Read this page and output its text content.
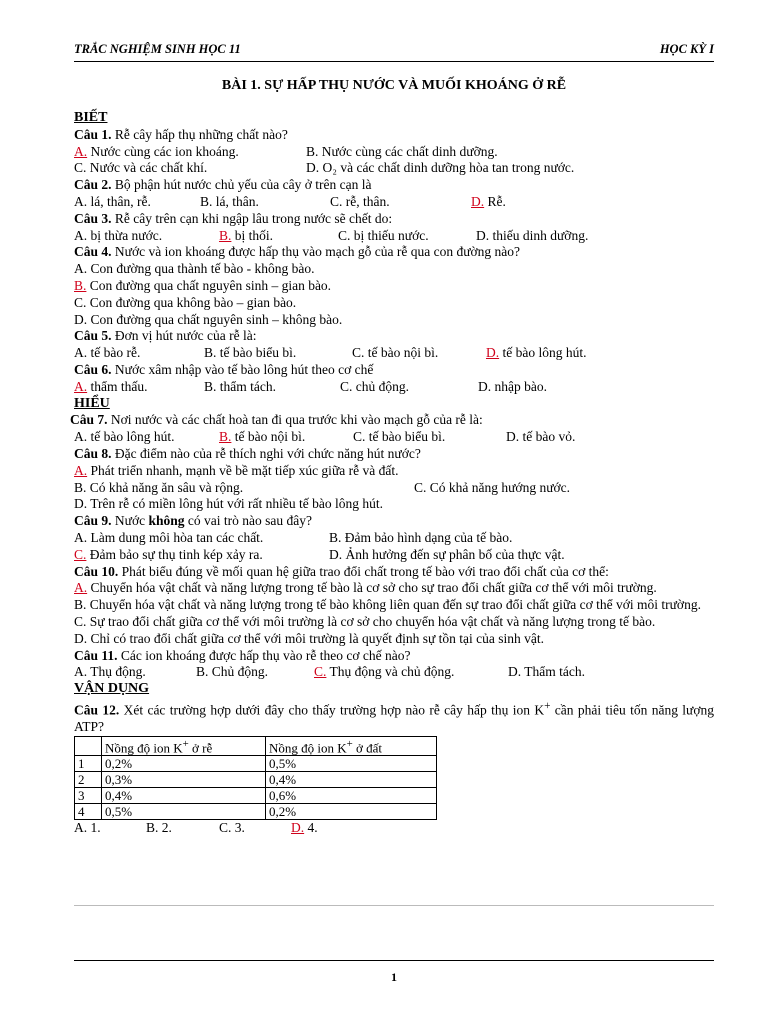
TRẮC NGHIỆM SINH HỌC 11	HỌC KỲ I
BÀI 1. SỰ HẤP THỤ NƯỚC VÀ MUỐI KHOÁNG Ở RỄ
BIẾT
Câu 1. Rễ cây hấp thụ những chất nào?
A. Nước cùng các ion khoáng.	B. Nước cùng các chất dinh dưỡng.
C. Nước và các chất khí.	D. O₂ và các chất dinh dưỡng hòa tan trong nước.
Câu 2. Bộ phận hút nước chủ yếu của cây ở trên cạn là
A. lá, thân, rễ.	B. lá, thân.	C. rễ, thân.	D. Rễ.
Câu 3. Rễ cây trên cạn khi ngập lâu trong nước sẽ chết do:
A. bị thừa nước.	B. bị thối.	C. bị thiếu nước.	D. thiếu dinh dưỡng.
Câu 4. Nước và ion khoáng được hấp thụ vào mạch gỗ của rễ qua con đường nào?
A. Con đường qua thành tế bào - không bào.
B. Con đường qua chất nguyên sinh – gian bào.
C. Con đường qua không bào – gian bào.
D. Con đường qua chất nguyên sinh – không bào.
Câu 5. Đơn vị hút nước của rễ là:
A. tế bào rễ.	B. tế bào biểu bì.	C. tế bào nội bì.	D. tế bào lông hút.
Câu 6. Nước xâm nhập vào tế bào lông hút theo cơ chế
A. thẩm thấu.	B. thẩm tách.	C. chủ động.	D. nhập bào.
HIỂU
Câu 7. Nơi nước và các chất hoà tan đi qua trước khi vào mạch gỗ của rễ là:
A. tế bào lông hút.	B. tế bào nội bì.	C. tế bào biểu bì.	D. tế bào vỏ.
Câu 8. Đặc điểm nào của rễ thích nghi với chức năng hút nước?
A. Phát triển nhanh, mạnh về bề mặt tiếp xúc giữa rễ và đất.
B. Có khả năng ăn sâu và rộng.	C. Có khả năng hướng nước.
D. Trên rễ có miền lông hút với rất nhiều tế bào lông hút.
Câu 9. Nước không có vai trò nào sau đây?
A. Làm dung môi hòa tan các chất.	B. Đảm bảo hình dạng của tế bào.
C. Đảm bảo sự thụ tinh kép xảy ra.	D. Ảnh hưởng đến sự phân bố của thực vật.
Câu 10. Phát biểu đúng về mối quan hệ giữa trao đổi chất trong tế bào với trao đổi chất của cơ thể:
A. Chuyển hóa vật chất và năng lượng trong tế bào là cơ sở cho sự trao đổi chất giữa cơ thể với môi trường.
B. Chuyển hóa vật chất và năng lượng trong tế bào không liên quan đến sự trao đổi chất giữa cơ thể với môi trường.
C. Sự trao đổi chất giữa cơ thể với môi trường là cơ sở cho chuyển hóa vật chất và năng lượng trong tế bào.
D. Chỉ có trao đổi chất giữa cơ thể với môi trường là quyết định sự tồn tại của sinh vật.
Câu 11. Các ion khoáng được hấp thụ vào rễ theo cơ chế nào?
A. Thụ động.	B. Chủ động.	C. Thụ động và chủ động.	D. Thẩm tách.
VẬN DỤNG
Câu 12. Xét các trường hợp dưới đây cho thấy trường hợp nào rễ cây hấp thụ ion K+ cần phải tiêu tốn năng lượng ATP?
	Nồng độ ion K+ ở rễ	Nồng độ ion K+ ở đất
1	0,2%	0,5%
2	0,3%	0,4%
3	0,4%	0,6%
4	0,5%	0,2%
A. 1.	B. 2.	C. 3.	D. 4.
1
